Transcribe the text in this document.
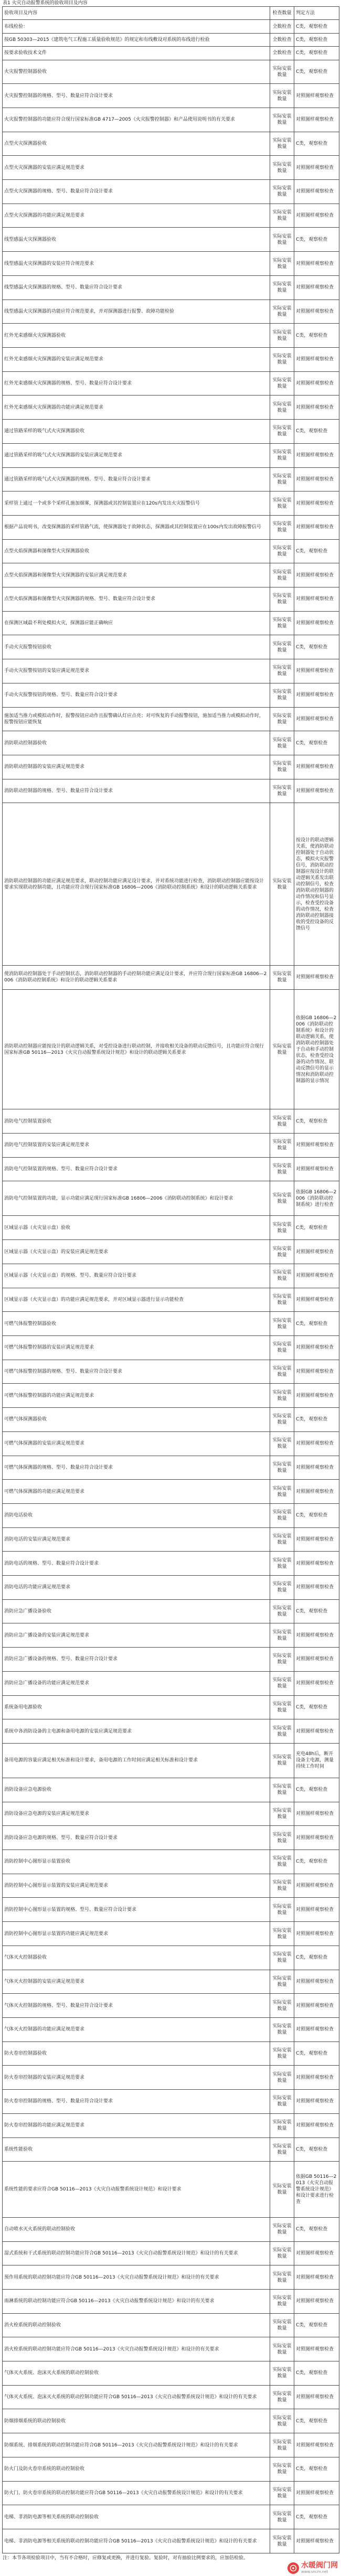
表1 火灾自动报警系统的验收项目及内容
验收项目及内容	检查数量	判定方法
布线检验：	全数检查	C类，观察检查
按GB 50303—2015《建筑电气工程施工质量验收规范》的规定和有线敷设对系统的布线进行检验	全数检查	C类，观察检查
按要求验收技术文件	全数检查	C类，观察检查
火灾报警控制器验收	实际安装数量	C类，观察检查
火灾报警控制器的规格、型号、数量应符合设计要求	实际安装数量	对照图样观察检查
火灾报警控制器的功能应符合现行国家标准GB 4717—2005《火灾报警控制器》和产品使用说明书的有关要求	实际安装数量	对照图样观察检查
点型火灾探测器验收	实际安装数量	C类，观察检查
点型火灾探测器的安装应满足规范要求	实际安装数量	对照图样观察检查
点型火灾探测器的规格、型号、数量应符合设计要求	实际安装数量	对照图样观察检查
点型火灾探测器的功能应满足规范要求	实际安装数量	对照图样观察检查
线型感温火灾探测器验收	实际安装数量	C类，观察检查
线型感温火灾探测器的安装应符合规范要求	实际安装数量	对照图样观察检查
线型感温火灾探测器的规格、型号、数量应符合设计要求	实际安装数量	对照图样观察检查
线型感温火灾探测器的功能应符合规范要求，并对探测器进行报警、故障功能检验	实际安装数量	对照图样观察检查
红外光束感烟火灾探测器验收	实际安装数量	C类，观察检查
红外光束感烟火灾探测器的安装应满足规范要求	实际安装数量	对照图样观察检查
红外光束感烟火灾探测器的规格、型号、数量应符合设计要求	实际安装数量	对照图样观察检查
红外光束感烟火灾探测器的功能应满足规范要求	实际安装数量	对照图样观察检查
通过管路采样的吸气式火灾探测器验收	实际安装数量	C类，观察检查
通过管路采样的吸气式火灾探测器的安装应满足规范要求	实际安装数量	对照图样观察检查
通过管路采样的吸气式火灾探测器的规格、型号、数量应符合设计要求	实际安装数量	对照图样观察检查
采样管上通过一个或多个采样孔施加烟雾，探测器或其控制装置应在120s内发出火灾报警信号	实际安装数量	对照图样观察检查
根据产品说明书，改变探测器的采样管路气流，使探测器处于故障状态，探测器或其控制装置应在100s内发出故障报警信号	实际安装数量	对照图样观察检查
点型火焰探测器和图像型火灾探测器验收	实际安装数量	C类，观察检查
点型火焰探测器和图像型火灾探测器的安装应满足规范要求	实际安装数量	对照图样观察检查
点型火焰探测器和图像型火灾探测器的规格、型号、数量应符合设计要求	实际安装数量	对照图样观察检查
在探测区域最不利处模拟火灾，探测器应能正确响应	实际安装数量	对照图样观察检查
手动火灾报警按钮验收	实际安装数量	C类，观察检查
手动火灾报警按钮的安装应满足规范要求	实际安装数量	对照图样观察检查
手动火灾报警按钮的规格、型号、数量应符合设计要求	实际安装数量	对照图样观察检查
施加适当推力或模拟动作时，报警按钮应动作且报警确认灯应点亮；对可恢复的手动报警按钮，施加适当推力或模拟动作时，报警按钮应能恢复	实际安装数量	对照图样观察检查
消防联动控制器验收	实际安装数量	C类，观察检查
消防联动控制器的安装应满足规范要求	实际安装数量	对照图样观察检查
消防联动控制器的规格、型号、数量应符合设计要求	实际安装数量	对照图样观察检查
消防联动控制器的功能应满足规范要求，联动控制功能应满足设计要求，并对系统功能进行检查，消防联动控制器应能按设计要求实现联动控制功能，且功能应符合现行国家标准GB 16806—2006《消防联动控制系统》和设计的联动逻辑关系要求	实际安装数量	按设计的联动逻辑关系，使消防联动控制器处于自动状态，模拟火灾报警信号，消防联动控制器应按设计的联动逻辑关系发出联动控制信号，检查消防联动控制器的动作情况和信号显示，检查受控设备的动作情况，检查消防联动控制器接收的受控设备的反馈信号
使消防联动控制器处于手动控制状态，消防联动控制器的手动控制功能应满足设计要求，并应符合现行国家标准GB 16806—2006《消防联动控制系统》和设计的联动逻辑关系要求	实际安装数量	对照图样观察检查
消防联动控制器应能按设计的联动逻辑关系，对受控设备进行联动控制，并接收相关设备的联动反馈信号，且功能应符合现行国家标准GB 50116—2013《火灾自动报警系统设计规范》和设计的联动逻辑关系要求	实际安装数量	依据GB 16806—2006《消防联动控制系统》和设计的联动逻辑关系，使消防联动控制器处于自动和手动控制状态，检查受控设备的动作情况、联动反馈信号的显示情况和消防联动控制器的显示情况
消防电气控制装置验收	实际安装数量	C类，观察检查
消防电气控制装置的安装应满足规范要求	实际安装数量	对照图样观察检查
消防电气控制装置的规格、型号、数量应符合设计要求	实际安装数量	对照图样观察检查
消防电气控制装置的功能，显示功能应满足现行国家标准GB 16806—2006《消防联动控制系统》和设计要求	实际安装数量	依据GB 16806—2006《消防联动控制系统》进行检查
区域显示器（火灾显示盘）验收	实际安装数量	C类，观察检查
区域显示器（火灾显示盘）的安装应满足规范要求	实际安装数量	对照图样观察检查
区域显示器（火灾显示盘）的规格、型号、数量应符合设计要求	实际安装数量	对照图样观察检查
区域显示器（火灾显示盘）的功能应满足规范要求，并对区域显示器进行显示功能检查	实际安装数量	对照图样观察检查
可燃气体报警控制器验收	实际安装数量	C类，观察检查
可燃气体报警控制器的安装应满足规范要求	实际安装数量	对照图样观察检查
可燃气体报警控制器的规格、型号、数量应符合设计要求	实际安装数量	对照图样观察检查
可燃气体报警控制器的功能应满足规范要求	实际安装数量	对照图样观察检查
可燃气体探测器验收	实际安装数量	C类，观察检查
可燃气体探测器的安装应满足规范要求	实际安装数量	对照图样观察检查
可燃气体探测器的规格、型号、数量应符合设计要求	实际安装数量	对照图样观察检查
可燃气体探测器的功能应满足规范要求	实际安装数量	对照图样观察检查
消防电话验收	实际安装数量	C类，观察检查
消防电话的安装应满足规范要求	实际安装数量	对照图样观察检查
消防电话的规格、型号、数量应符合设计要求	实际安装数量	对照图样观察检查
消防电话的功能应满足规范要求	实际安装数量	对照图样观察检查
消防应急广播设备验收	实际安装数量	C类，观察检查
消防应急广播设备的安装应满足规范要求	实际安装数量	对照图样观察检查
消防应急广播设备的规格、型号、数量应符合设计要求	实际安装数量	对照图样观察检查
消防应急广播设备的功能应满足规范要求	实际安装数量	对照图样观察检查
系统备用电源验收	实际安装数量	C类，观察检查
系统中各消防设备的主电源和备用电源的安装应满足规范要求	实际安装数量	对照图样观察检查
备用电源的容量应满足相关标准和设计要求，备用电源的工作时间应满足相关标准和设计要求	实际安装数量	充电48h后，断开设备主电源，测量持续工作时间
消防设备应急电源验收	实际安装数量	C类，观察检查
消防设备应急电源的安装应满足规范要求	实际安装数量	对照图样观察检查
消防设备应急电源的规格、型号、数量应符合设计要求	实际安装数量	对照图样观察检查
消防控制中心图形显示装置验收	实际安装数量	C类，观察检查
消防控制中心图形显示装置的安装应满足规范要求	实际安装数量	对照图样观察检查
消防控制中心图形显示装置的规格、型号、数量应符合设计要求	实际安装数量	对照图样观察检查
消防控制中心图形显示装置的功能应满足规范要求	实际安装数量	对照图样观察检查
气体灭火控制器验收	实际安装数量	C类，观察检查
气体灭火控制器的安装应满足规范要求	实际安装数量	对照图样观察检查
气体灭火控制器的规格、型号、数量应符合设计要求	实际安装数量	对照图样观察检查
气体灭火控制器的功能应满足规范要求	实际安装数量	对照图样观察检查
防火卷帘控制器验收	实际安装数量	C类，观察检查
防火卷帘控制器的安装应满足规范要求	实际安装数量	对照图样观察检查
防火卷帘控制器的规格、型号、数量应符合设计要求	实际安装数量	对照图样观察检查
防火卷帘控制器的功能应满足规范要求	实际安装数量	对照图样观察检查
系统性能验收	实际安装数量	C类，观察检查
系统性能的要求应符合GB 50116—2013《火灾自动报警系统设计规范》和设计要求	实际安装数量	依据GB 50116—2013《火灾自动报警系统设计规范》和设计要求进行检查
自动喷水灭火系统的联动控制验收	实际安装数量	C类，观察检查
湿式系统和干式系统的联动控制功能应符合GB 50116—2013《火灾自动报警系统设计规范》和设计的有关要求	实际安装数量	对照图样观察检查
预作用系统的联动控制功能应符合GB 50116—2013《火灾自动报警系统设计规范》和设计的有关要求	实际安装数量	对照图样观察检查
雨淋系统的联动控制功能应符合GB 50116—2013《火灾自动报警系统设计规范》和设计的有关要求	实际安装数量	对照图样观察检查
消火栓系统的联动控制验收	实际安装数量	C类，观察检查
消火栓系统的联动控制功能应符合GB 50116—2013《火灾自动报警系统设计规范》和设计的有关要求	实际安装数量	对照图样观察检查
气体灭火系统、泡沫灭火系统的联动控制验收	实际安装数量	C类，观察检查
气体灭火系统、泡沫灭火系统的联动控制功能应符合GB 50116—2013《火灾自动报警系统设计规范》和设计的有关要求	实际安装数量	对照图样观察检查
防烟排烟系统的联动控制验收	实际安装数量	C类，观察检查
防烟系统、排烟系统的联动控制功能应符合GB 50116—2013《火灾自动报警系统设计规范》和设计的有关要求	实际安装数量	对照图样观察检查
防火门及防火卷帘系统的联动控制验收	实际安装数量	C类，观察检查
防火门、防火卷帘系统的联动控制功能应符合GB 50116—2013《火灾自动报警系统设计规范》和设计的有关要求	实际安装数量	对照图样观察检查
电梯、非消防电源等相关系统的联动控制验收	实际安装数量	C类，观察检查
电梯、非消防电源等相关系统的联动控制功能应符合GB 50116—2013《火灾自动报警系统设计规范》和设计的有关要求	实际安装数量	对照图样观察检查
注：本节各项检验项目中，当有不合格时，应修复或更换，并进行复验。复验时，对有抽验比例要求的，应加倍检验。
水暖阀门网
www.sncm.net
